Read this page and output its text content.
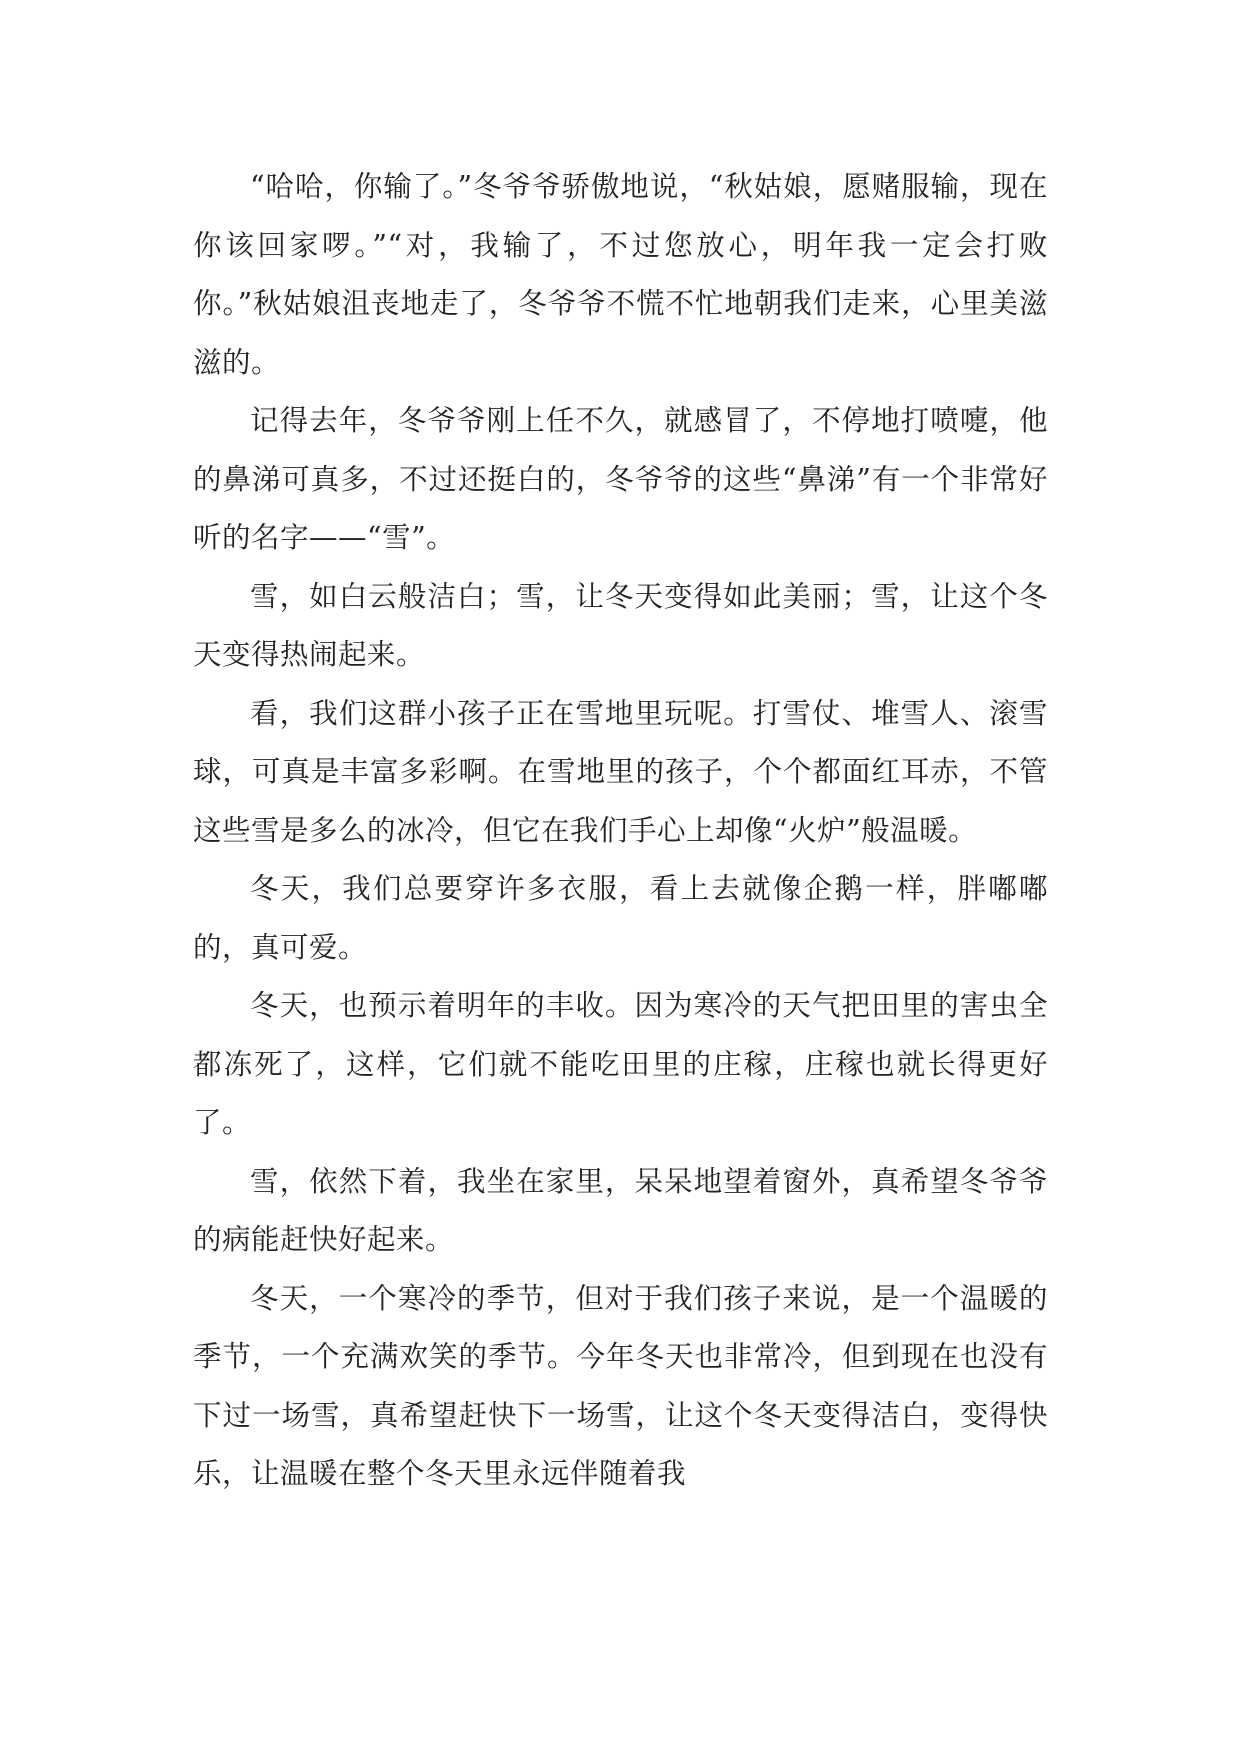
“哈哈，你输了。”冬爷爷骄傲地说，“秋姑娘，愿赌服输，现在你该回家啰。”“对，我输了，不过您放心，明年我一定会打败你。”秋姑娘沮丧地走了，冬爷爷不慌不忙地朝我们走来，心里美滋滋的。

记得去年，冬爷爷刚上任不久，就感冒了，不停地打喷嚏，他的鼻涕可真多，不过还挺白的，冬爷爷的这些“鼻涕”有一个非常好听的名字——“雪”。

雪，如白云般洁白；雪，让冬天变得如此美丽；雪，让这个冬天变得热闹起来。

看，我们这群小孩子正在雪地里玩呢。打雪仗、堆雪人、滚雪球，可真是丰富多彩啊。在雪地里的孩子，个个都面红耳赤，不管这些雪是多么的冰冷，但它在我们手心上却像“火炉”般温暖。

冬天，我们总要穿许多衣服，看上去就像企鹅一样，胖嘟嘟的，真可爱。

冬天，也预示着明年的丰收。因为寒冷的天气把田里的害虫全都冻死了，这样，它们就不能吃田里的庄稼，庄稼也就长得更好了。

雪，依然下着，我坐在家里，呆呆地望着窗外，真希望冬爷爷的病能赶快好起来。

冬天，一个寒冷的季节，但对于我们孩子来说，是一个温暖的季节，一个充满欢笑的季节。今年冬天也非常冷，但到现在也没有下过一场雪，真希望赶快下一场雪，让这个冬天变得洁白，变得快乐，让温暖在整个冬天里永远伴随着我
